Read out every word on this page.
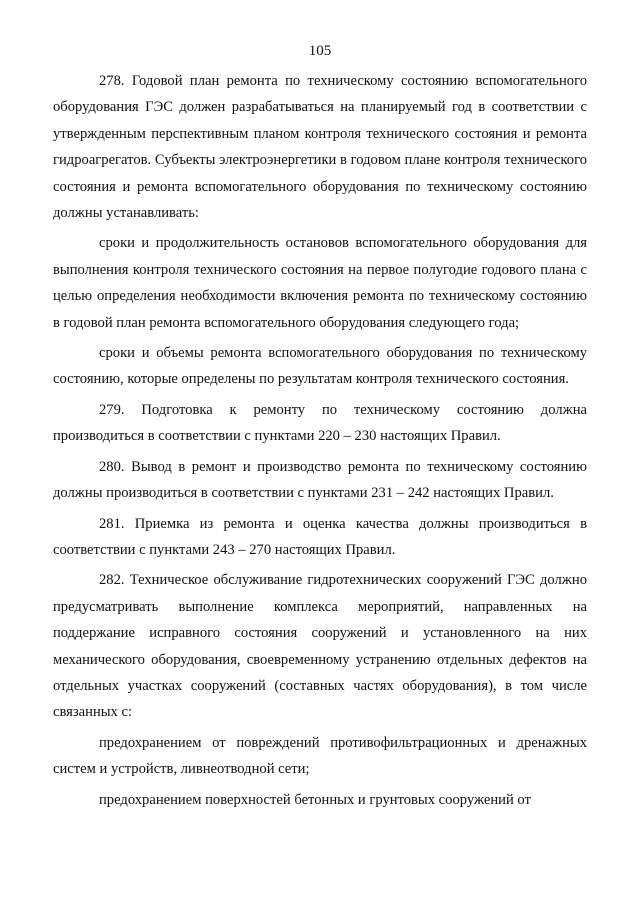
105

278. Годовой план ремонта по техническому состоянию вспомогательного оборудования ГЭС должен разрабатываться на планируемый год в соответствии с утвержденным перспективным планом контроля технического состояния и ремонта гидроагрегатов. Субъекты электроэнергетики в годовом плане контроля технического состояния и ремонта вспомогательного оборудования по техническому состоянию должны устанавливать:

сроки и продолжительность остановов вспомогательного оборудования для выполнения контроля технического состояния на первое полугодие годового плана с целью определения необходимости включения ремонта по техническому состоянию в годовой план ремонта вспомогательного оборудования следующего года;

сроки и объемы ремонта вспомогательного оборудования по техническому состоянию, которые определены по результатам контроля технического состояния.

279. Подготовка к ремонту по техническому состоянию должна производиться в соответствии с пунктами 220 – 230 настоящих Правил.

280. Вывод в ремонт и производство ремонта по техническому состоянию должны производиться в соответствии с пунктами 231 – 242 настоящих Правил.

281. Приемка из ремонта и оценка качества должны производиться в соответствии с пунктами 243 – 270 настоящих Правил.

282. Техническое обслуживание гидротехнических сооружений ГЭС должно предусматривать выполнение комплекса мероприятий, направленных на поддержание исправного состояния сооружений и установленного на них механического оборудования, своевременному устранению отдельных дефектов на отдельных участках сооружений (составных частях оборудования), в том числе связанных с:

предохранением от повреждений противофильтрационных и дренажных систем и устройств, ливнеотводной сети;

предохранением поверхностей бетонных и грунтовых сооружений от
